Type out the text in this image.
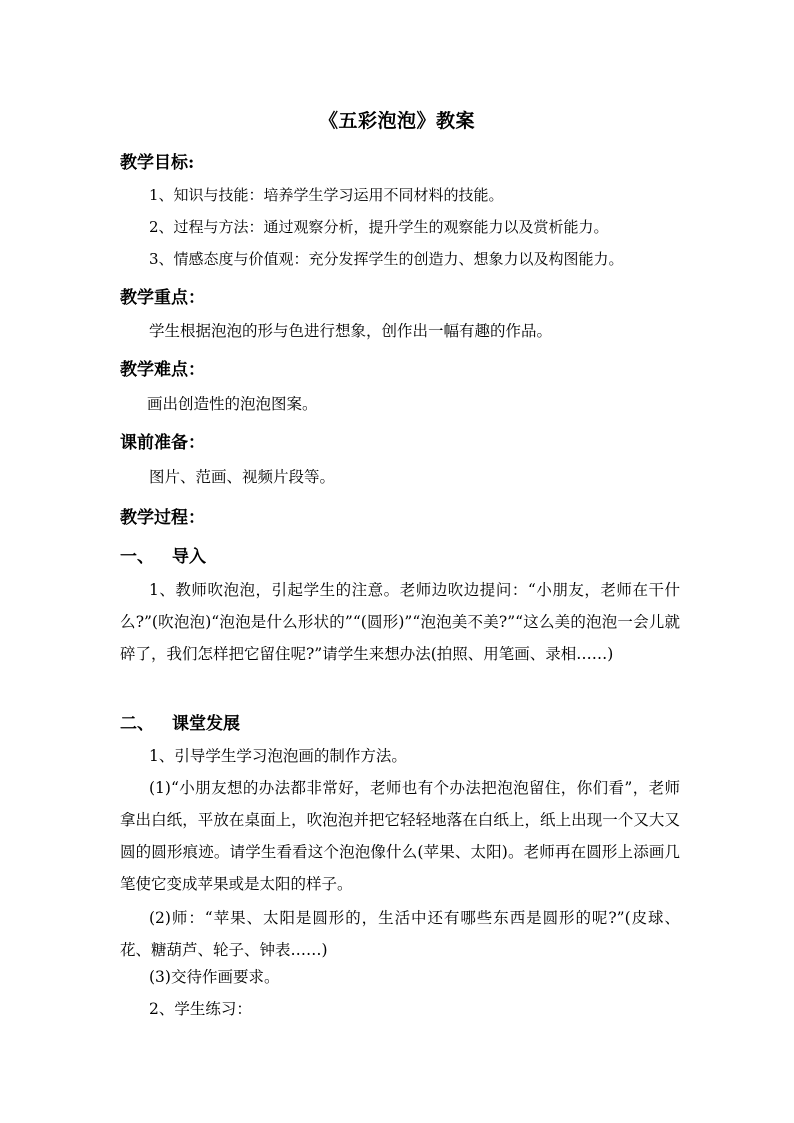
《五彩泡泡》教案
教学目标:
1、知识与技能：培养学生学习运用不同材料的技能。
2、过程与方法：通过观察分析，提升学生的观察能力以及赏析能力。
3、情感态度与价值观：充分发挥学生的创造力、想象力以及构图能力。
教学重点：
学生根据泡泡的形与色进行想象，创作出一幅有趣的作品。
教学难点：
画出创造性的泡泡图案。
课前准备：
图片、范画、视频片段等。
教学过程：
一、 导入

1、教师吹泡泡，引起学生的注意。老师边吹边提问：“小朋友，老师在干什么?”(吹泡泡)“泡泡是什么形状的”“(圆形)”“泡泡美不美?”“这么美的泡泡一会儿就碎了，我们怎样把它留住呢?”请学生来想办法(拍照、用笔画、录相……)

二、 课堂发展
1、引导学生学习泡泡画的制作方法。

(1)“小朋友想的办法都非常好，老师也有个办法把泡泡留住，你们看”，老师拿出白纸，平放在桌面上，吹泡泡并把它轻轻地落在白纸上，纸上出现一个又大又圆的圆形痕迹。请学生看看这个泡泡像什么(苹果、太阳)。老师再在圆形上添画几笔使它变成苹果或是太阳的样子。

(2)师：“苹果、太阳是圆形的，生活中还有哪些东西是圆形的呢?”(皮球、花、糖葫芦、轮子、钟表……)

(3)交待作画要求。
2、学生练习：
